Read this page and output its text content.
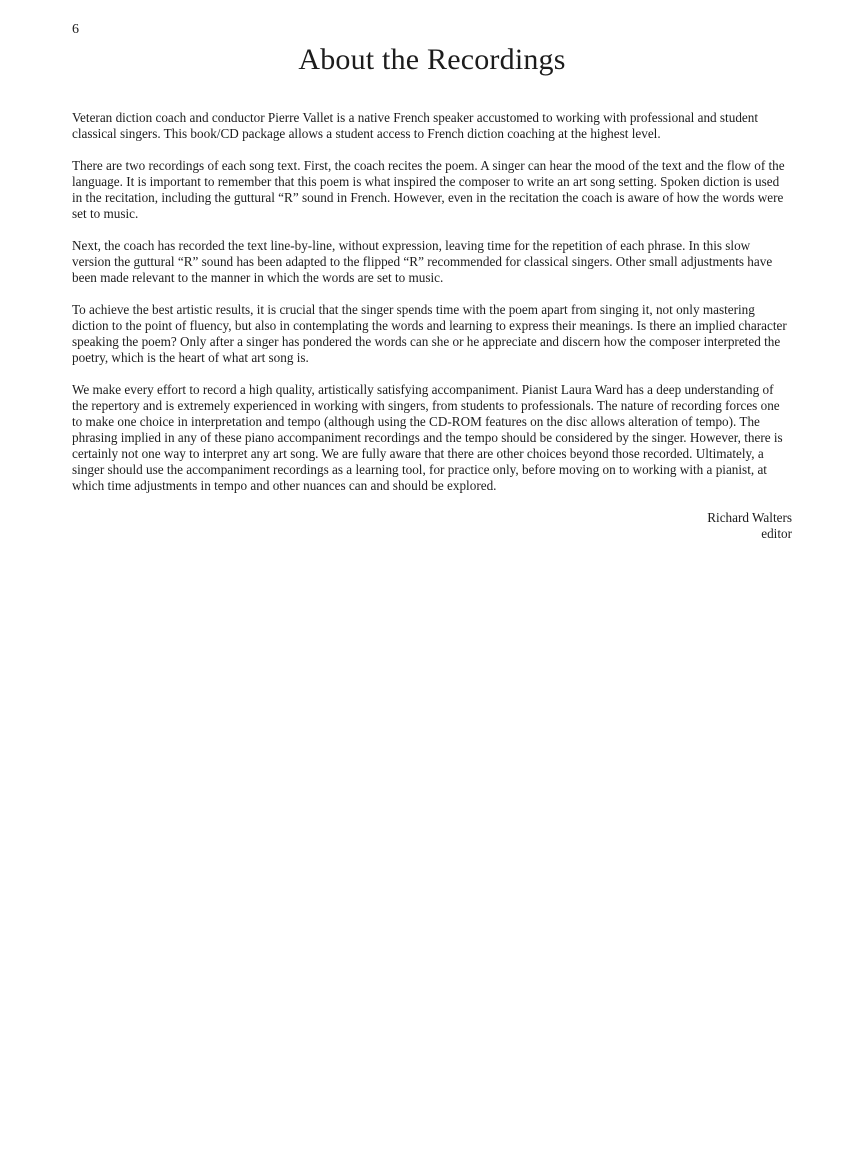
6
About the Recordings

Veteran diction coach and conductor Pierre Vallet is a native French speaker accustomed to working with professional and student classical singers. This book/CD package allows a student access to French diction coaching at the highest level.

There are two recordings of each song text. First, the coach recites the poem. A singer can hear the mood of the text and the flow of the language. It is important to remember that this poem is what inspired the composer to write an art song setting. Spoken diction is used in the recitation, including the guttural “R” sound in French. However, even in the recitation the coach is aware of how the words were set to music.

Next, the coach has recorded the text line-by-line, without expression, leaving time for the repetition of each phrase. In this slow version the guttural “R” sound has been adapted to the flipped “R” recommended for classical singers. Other small adjustments have been made relevant to the manner in which the words are set to music.

To achieve the best artistic results, it is crucial that the singer spends time with the poem apart from singing it, not only mastering diction to the point of fluency, but also in contemplating the words and learning to express their meanings. Is there an implied character speaking the poem? Only after a singer has pondered the words can she or he appreciate and discern how the composer interpreted the poetry, which is the heart of what art song is.

We make every effort to record a high quality, artistically satisfying accompaniment. Pianist Laura Ward has a deep understanding of the repertory and is extremely experienced in working with singers, from students to professionals. The nature of recording forces one to make one choice in interpretation and tempo (although using the CD-ROM features on the disc allows alteration of tempo). The phrasing implied in any of these piano accompaniment recordings and the tempo should be considered by the singer. However, there is certainly not one way to interpret any art song. We are fully aware that there are other choices beyond those recorded. Ultimately, a singer should use the accompaniment recordings as a learning tool, for practice only, before moving on to working with a pianist, at which time adjustments in tempo and other nuances can and should be explored.

Richard Walters
editor
